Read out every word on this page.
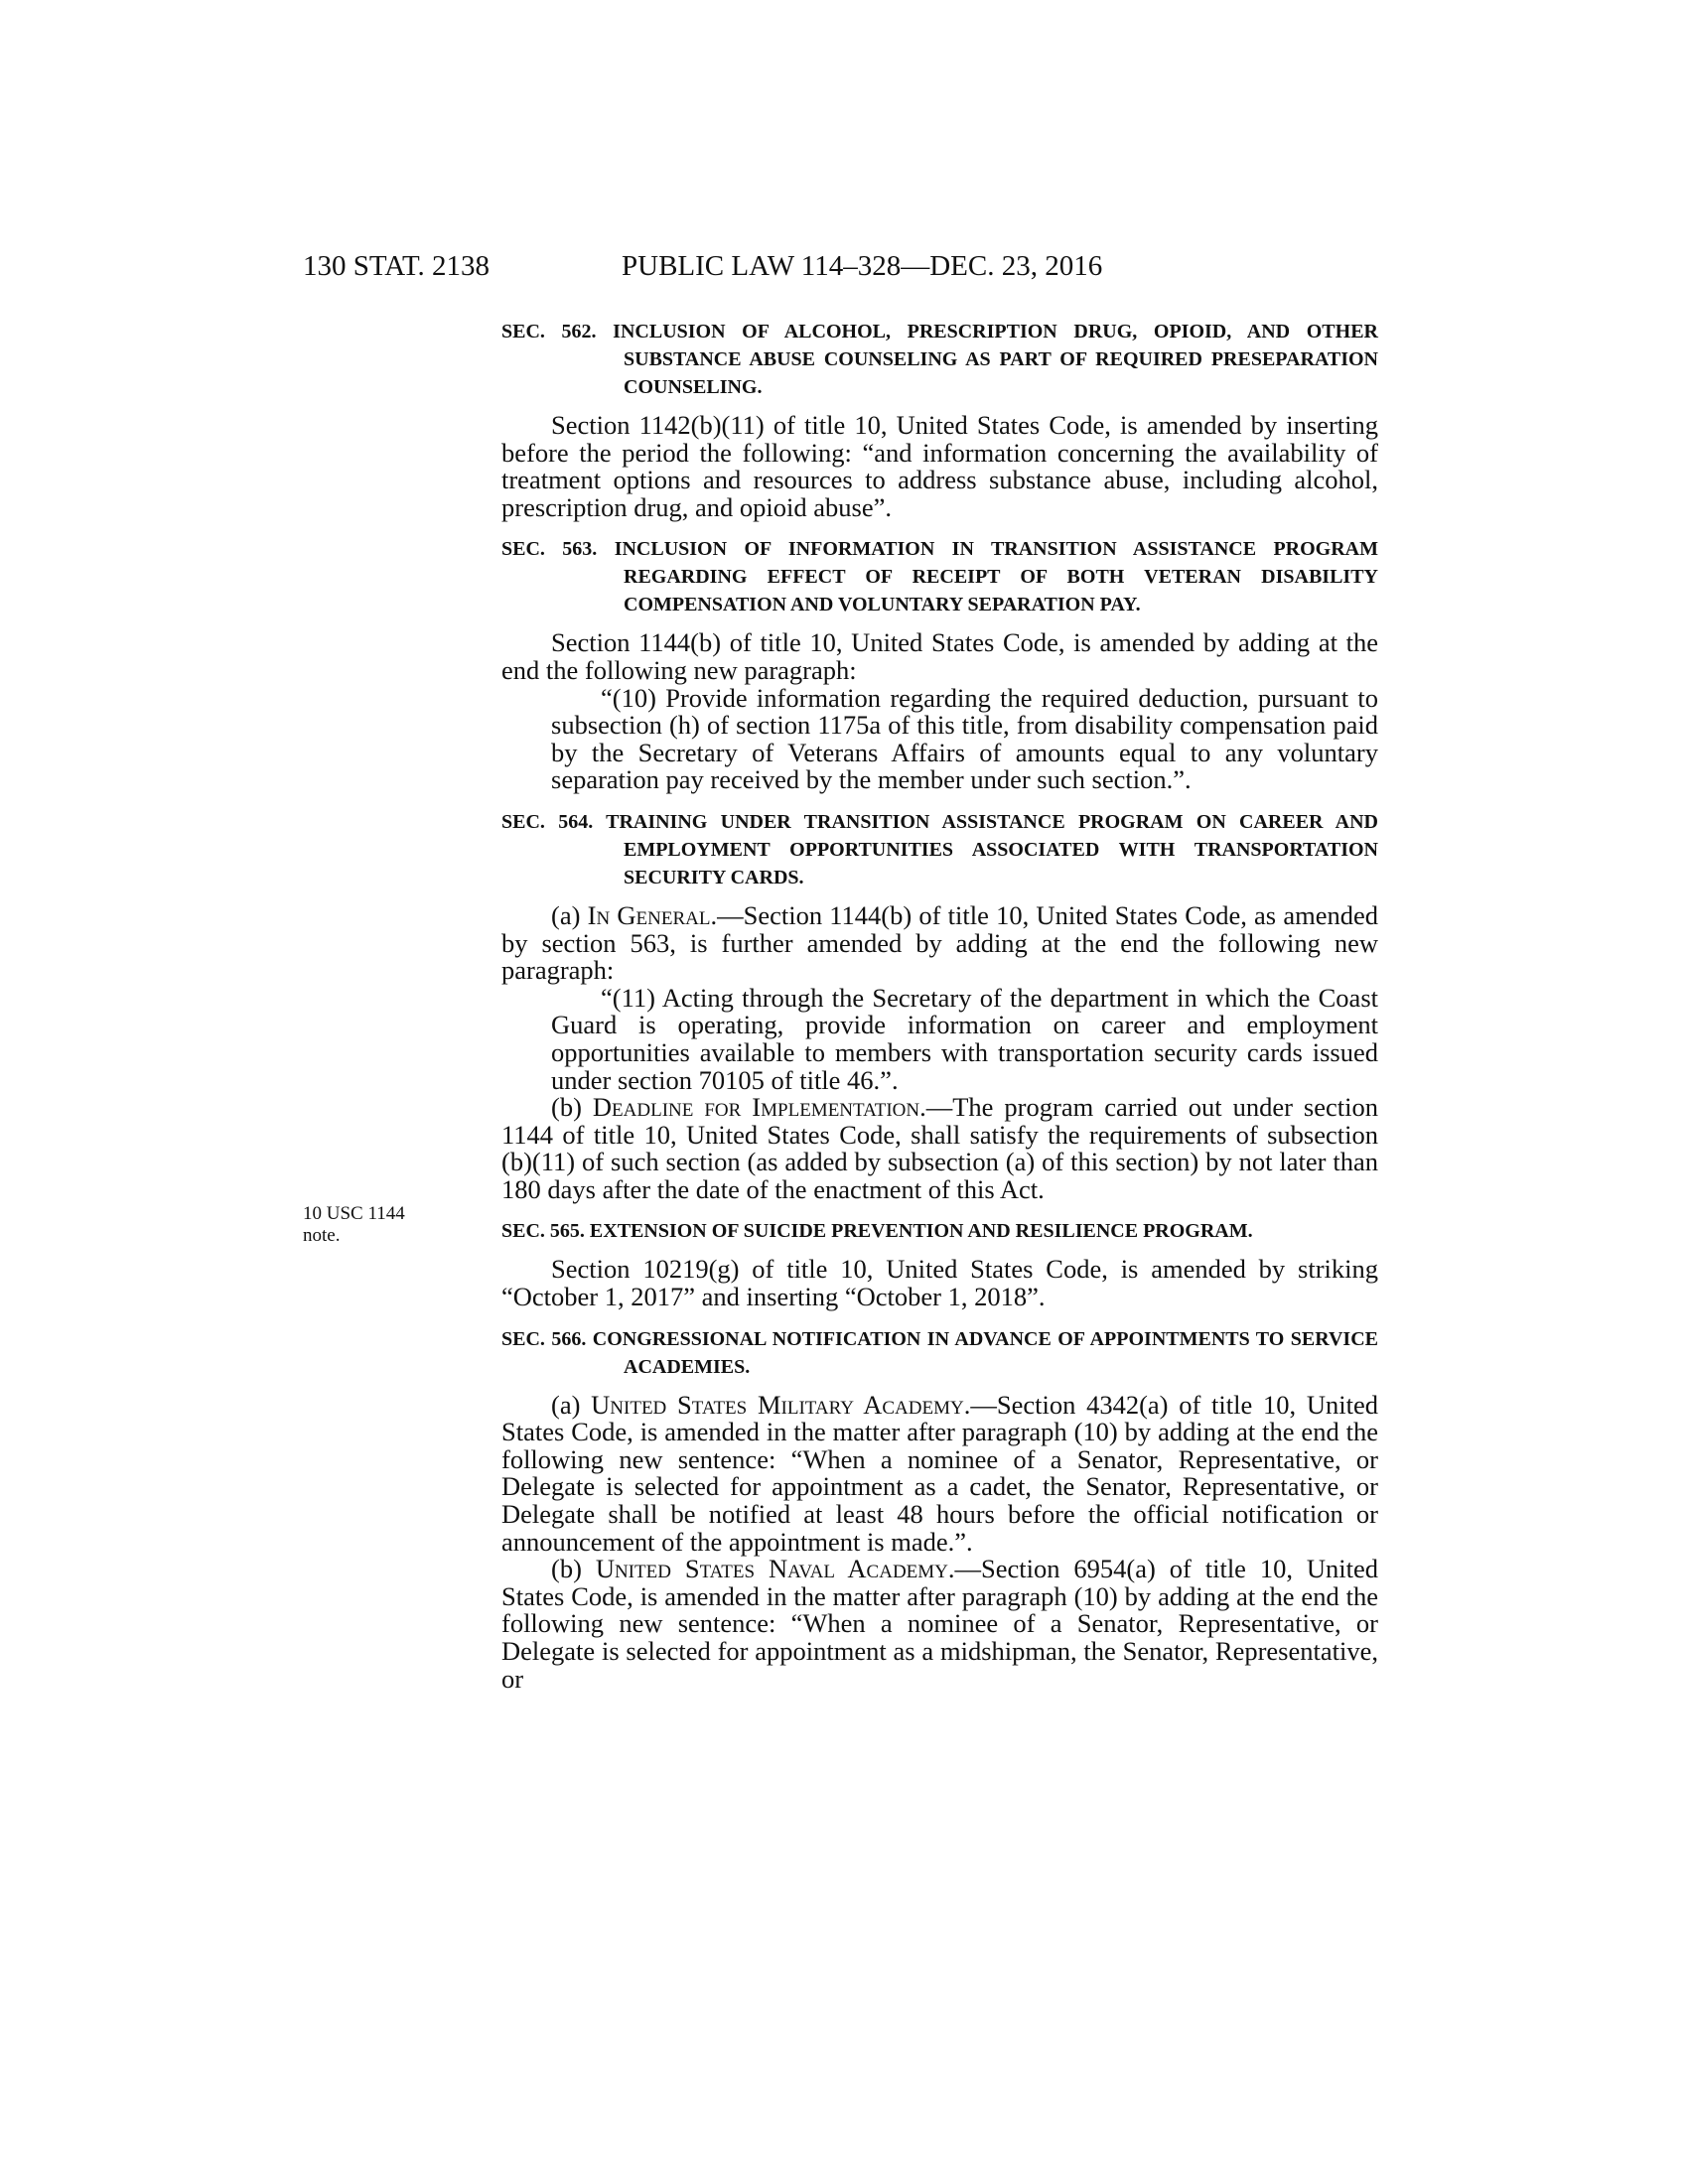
130 STAT. 2138	PUBLIC LAW 114–328—DEC. 23, 2016
10 USC 1144
note.
SEC. 562. INCLUSION OF ALCOHOL, PRESCRIPTION DRUG, OPIOID, AND OTHER SUBSTANCE ABUSE COUNSELING AS PART OF REQUIRED PRESEPARATION COUNSELING.

Section 1142(b)(11) of title 10, United States Code, is amended by inserting before the period the following: “and information concerning the availability of treatment options and resources to address substance abuse, including alcohol, prescription drug, and opioid abuse”.

SEC. 563. INCLUSION OF INFORMATION IN TRANSITION ASSISTANCE PROGRAM REGARDING EFFECT OF RECEIPT OF BOTH VETERAN DISABILITY COMPENSATION AND VOLUNTARY SEPARATION PAY.

Section 1144(b) of title 10, United States Code, is amended by adding at the end the following new paragraph:

“(10) Provide information regarding the required deduction, pursuant to subsection (h) of section 1175a of this title, from disability compensation paid by the Secretary of Veterans Affairs of amounts equal to any voluntary separation pay received by the member under such section.”.

SEC. 564. TRAINING UNDER TRANSITION ASSISTANCE PROGRAM ON CAREER AND EMPLOYMENT OPPORTUNITIES ASSOCIATED WITH TRANSPORTATION SECURITY CARDS.

(a) In General.—Section 1144(b) of title 10, United States Code, as amended by section 563, is further amended by adding at the end the following new paragraph:

“(11) Acting through the Secretary of the department in which the Coast Guard is operating, provide information on career and employment opportunities available to members with transportation security cards issued under section 70105 of title 46.”.

(b) Deadline for Implementation.—The program carried out under section 1144 of title 10, United States Code, shall satisfy the requirements of subsection (b)(11) of such section (as added by subsection (a) of this section) by not later than 180 days after the date of the enactment of this Act.

SEC. 565. EXTENSION OF SUICIDE PREVENTION AND RESILIENCE PROGRAM.

Section 10219(g) of title 10, United States Code, is amended by striking “October 1, 2017” and inserting “October 1, 2018”.

SEC. 566. CONGRESSIONAL NOTIFICATION IN ADVANCE OF APPOINTMENTS TO SERVICE ACADEMIES.

(a) United States Military Academy.—Section 4342(a) of title 10, United States Code, is amended in the matter after paragraph (10) by adding at the end the following new sentence: “When a nominee of a Senator, Representative, or Delegate is selected for appointment as a cadet, the Senator, Representative, or Delegate shall be notified at least 48 hours before the official notification or announcement of the appointment is made.”.

(b) United States Naval Academy.—Section 6954(a) of title 10, United States Code, is amended in the matter after paragraph (10) by adding at the end the following new sentence: “When a nominee of a Senator, Representative, or Delegate is selected for appointment as a midshipman, the Senator, Representative, or
